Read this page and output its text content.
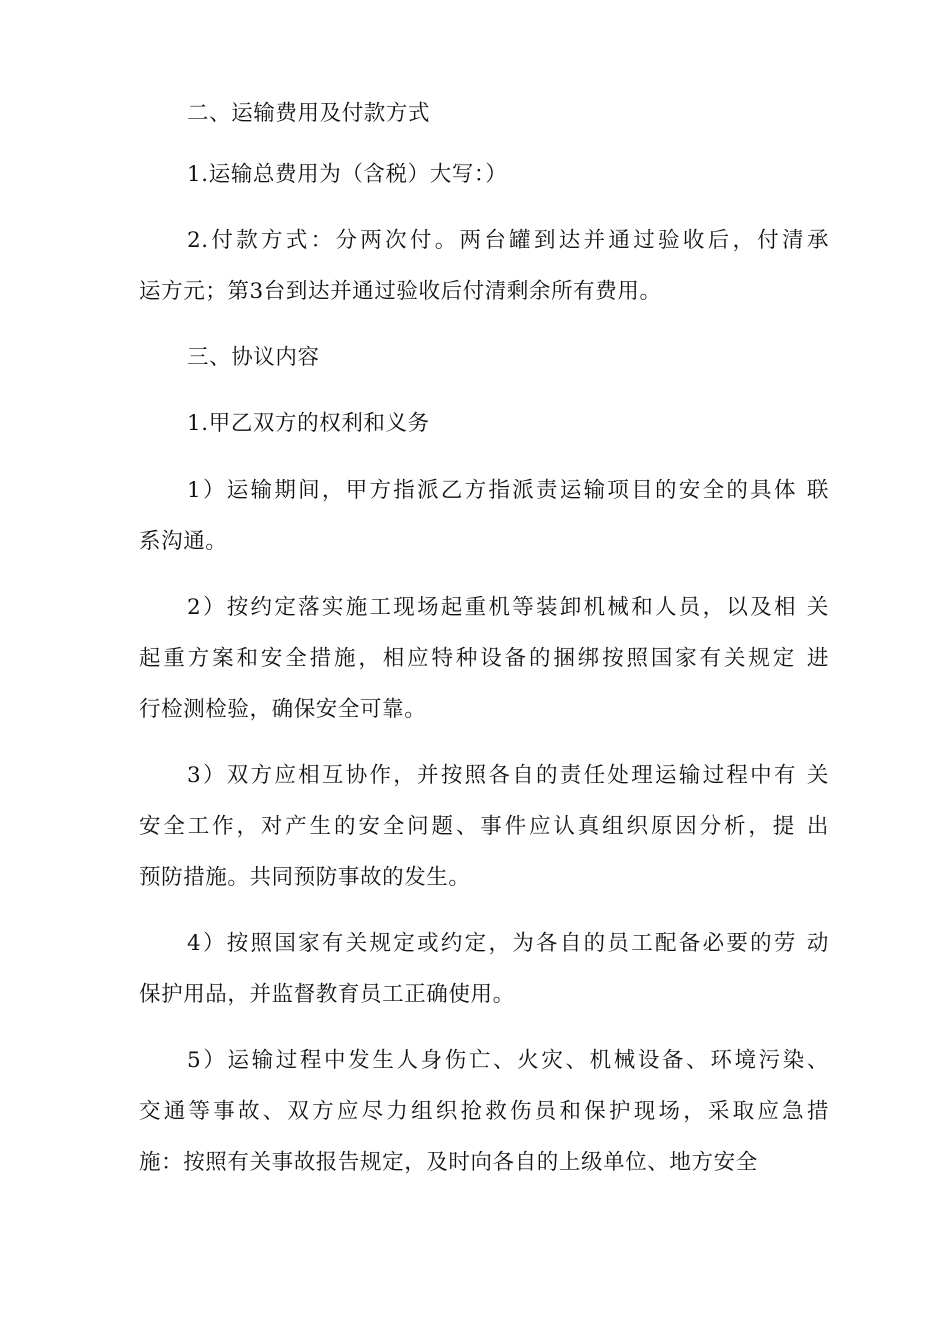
二、运输费用及付款方式
1.运输总费用为（含税）大写：）
2.付款方式：分两次付。两台罐到达并通过验收后，付清承
运方元；第3台到达并通过验收后付清剩余所有费用。
三、协议内容
1.甲乙双方的权利和义务
1）运输期间，甲方指派乙方指派责运输项目的安全的具体 联
系沟通。
2）按约定落实施工现场起重机等装卸机械和人员，以及相 关
起重方案和安全措施，相应特种设备的捆绑按照国家有关规定 进
行检测检验，确保安全可靠。
3）双方应相互协作，并按照各自的责任处理运输过程中有 关
安全工作，对产生的安全问题、事件应认真组织原因分析，提 出
预防措施。共同预防事故的发生。
4）按照国家有关规定或约定，为各自的员工配备必要的劳 动
保护用品，并监督教育员工正确使用。
5）运输过程中发生人身伤亡、火灾、机械设备、环境污染、
交通等事故、双方应尽力组织抢救伤员和保护现场，采取应急措
施：按照有关事故报告规定，及时向各自的上级单位、地方安全
